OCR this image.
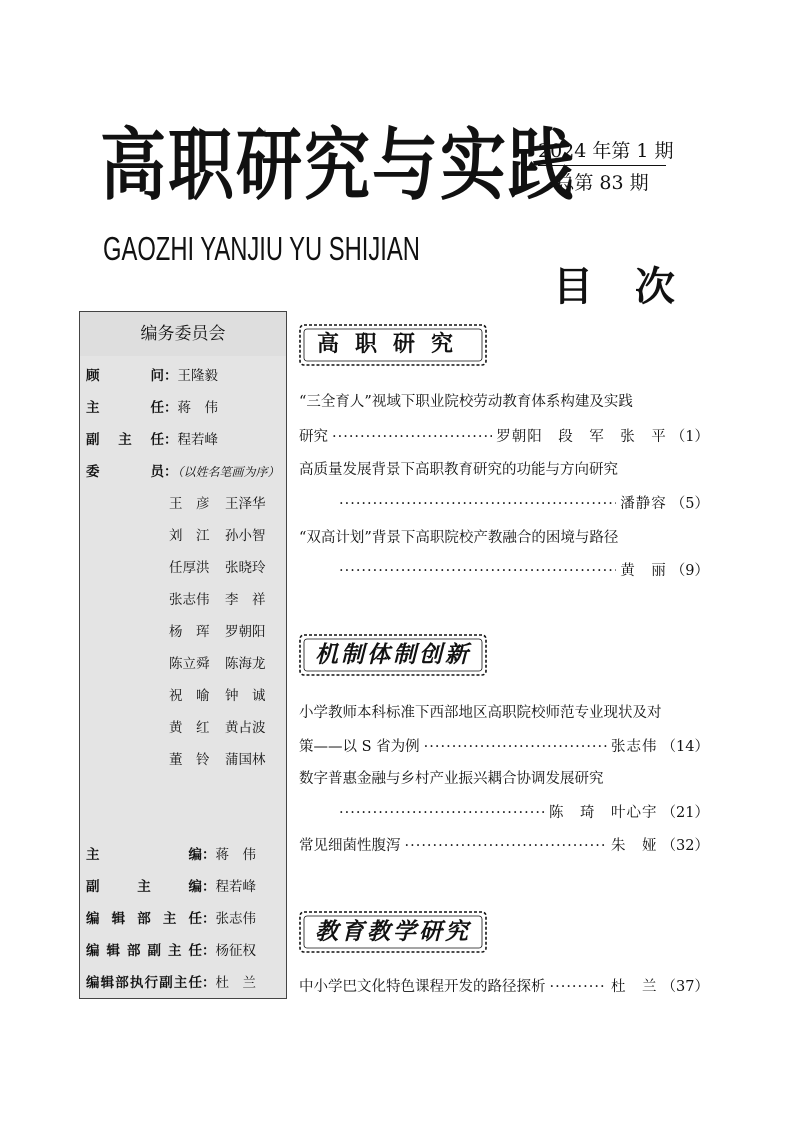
高职研究与实践
GAOZHI YANJIU YU SHIJIAN
2024 年第 1 期
总第 83 期
目 次
编务委员会
顾问：王隆毅
主任：蒋　伟
副主任：程若峰
委员：（以姓名笔画为序）
王　彦 王泽华
刘　江 孙小智
任厚洪 张晓玲
张志伟 李　祥
杨　珲 罗朝阳
陈立舜 陈海龙
祝　喻 钟　诚
黄　红 黄占波
董　铃 蒲国林
主编：蒋　伟
副主编：程若峰
编辑部主任：张志伟
编辑部副主任：杨征权
编辑部执行副主任：杜　兰
高职研究
“三全育人”视域下职业院校劳动教育体系构建及实践
研究 ·····	罗朝阳　段　军　张　平 （1）
高质量发展背景下高职教育研究的功能与方向研究
·····
潘静容 （5）
“双高计划”背景下高职院校产教融合的困境与路径
·····
黄　丽 （9）
机制体制创新
小学教师本科标准下西部地区高职院校师范专业现状及对
策——以 S 省为例 ·····	张志伟 （14）
数字普惠金融与乡村产业振兴耦合协调发展研究
·····
陈　琦　叶心宇 （21）
常见细菌性腹泻 ·····	朱　娅 （32）
教育教学研究
中小学巴文化特色课程开发的路径探析 ·····	杜　兰 （37）
